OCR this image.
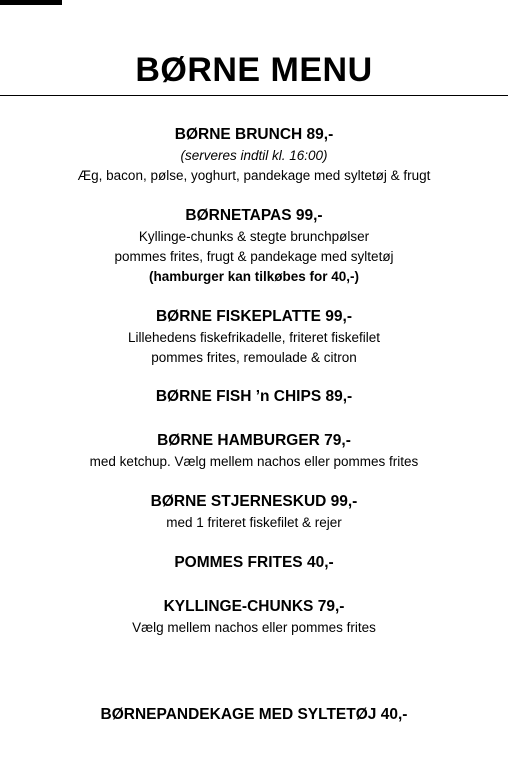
BØRNE MENU
BØRNE BRUNCH 89,-
(serveres indtil kl. 16:00)
Æg, bacon, pølse, yoghurt, pandekage med syltetøj & frugt
BØRNETAPAS 99,-
Kyllinge-chunks & stegte brunchpølser
pommes frites, frugt & pandekage med syltetøj
(hamburger kan tilkøbes for 40,-)
BØRNE FISKEPLATTE 99,-
Lillehedens fiskefrikadelle, friteret fiskefilet
pommes frites, remoulade & citron
BØRNE FISH ’n CHIPS 89,-
BØRNE HAMBURGER 79,-
med ketchup. Vælg mellem nachos eller pommes frites
BØRNE STJERNESKUD 99,-
med 1 friteret fiskefilet & rejer
POMMES FRITES 40,-
KYLLINGE-CHUNKS 79,-
Vælg mellem nachos eller pommes frites
BØRNEPANDEKAGE MED SYLTETØJ 40,-
